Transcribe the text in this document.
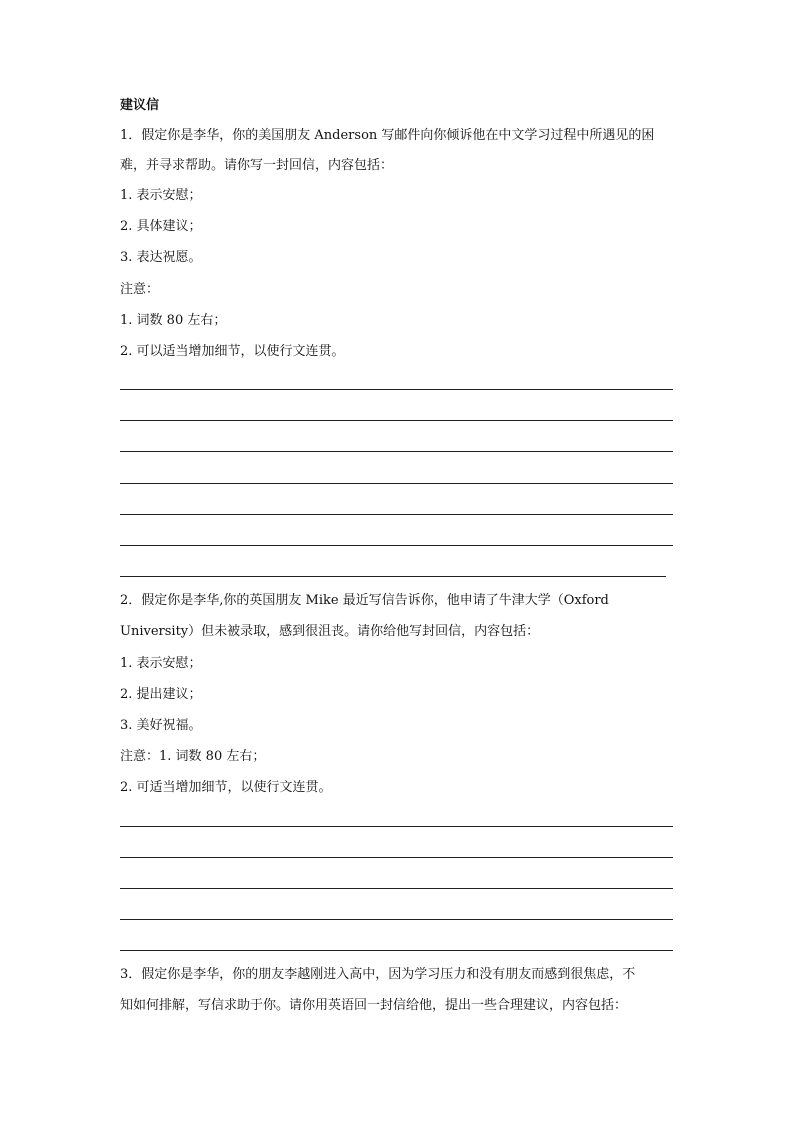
建议信
1．假定你是李华，你的美国朋友 Anderson 写邮件向你倾诉他在中文学习过程中所遇见的困
难，并寻求帮助。请你写一封回信，内容包括：
1. 表示安慰；
2. 具体建议；
3. 表达祝愿。
注意：
1. 词数 80 左右；
2. 可以适当增加细节，以使行文连贯。
2．假定你是李华,你的英国朋友 Mike 最近写信告诉你，他申请了牛津大学（Oxford
University）但未被录取，感到很沮丧。请你给他写封回信，内容包括：
1. 表示安慰；
2. 提出建议；
3. 美好祝福。
注意：1. 词数 80 左右；
2. 可适当增加细节，以使行文连贯。
3．假定你是李华，你的朋友李越刚进入高中，因为学习压力和没有朋友而感到很焦虑，不
知如何排解，写信求助于你。请你用英语回一封信给他，提出一些合理建议，内容包括：
